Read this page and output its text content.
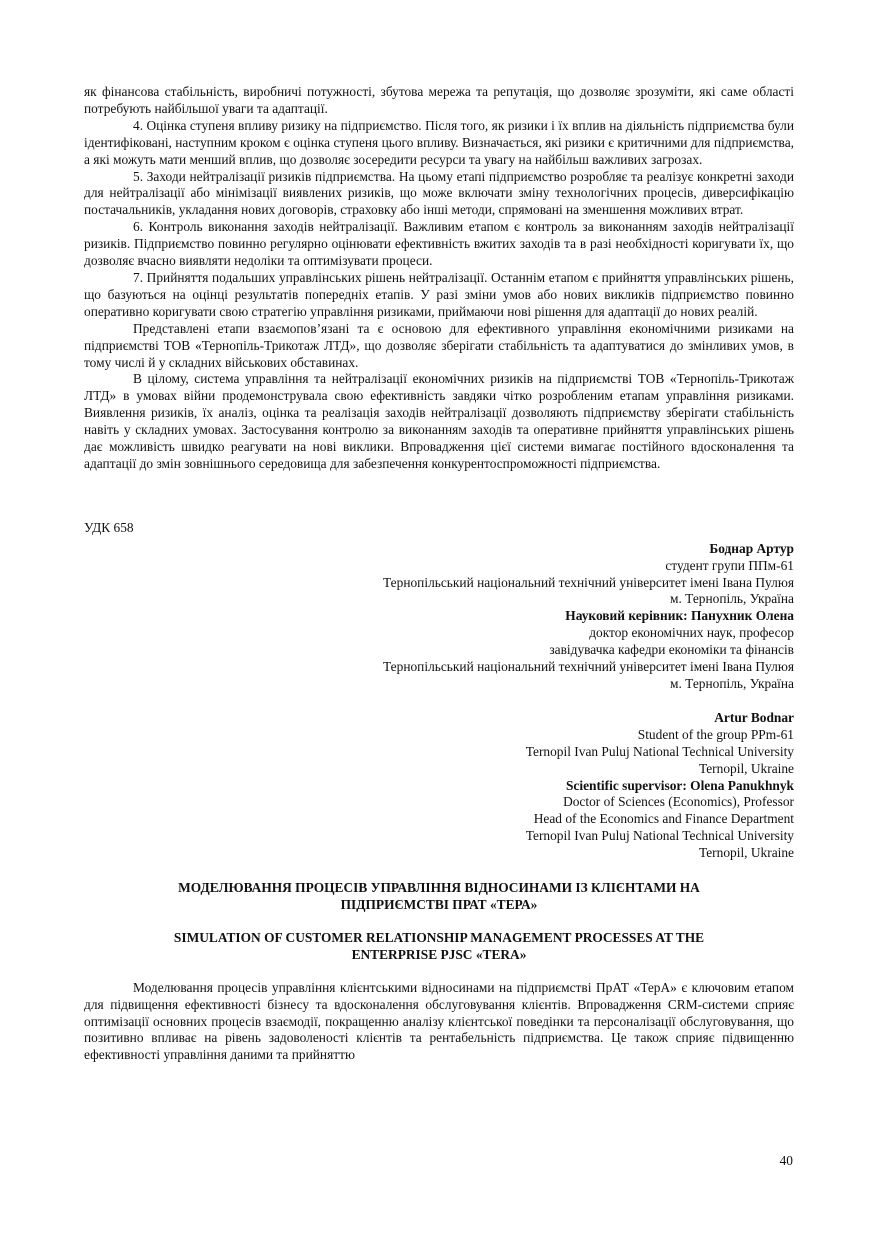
як фінансова стабільність, виробничі потужності, збутова мережа та репутація, що дозволяє зрозуміти, які саме області потребують найбільшої уваги та адаптації.

4. Оцінка ступеня впливу ризику на підприємство. Після того, як ризики і їх вплив на діяльність підприємства були ідентифіковані, наступним кроком є оцінка ступеня цього впливу. Визначається, які ризики є критичними для підприємства, а які можуть мати менший вплив, що дозволяє зосередити ресурси та увагу на найбільш важливих загрозах.

5. Заходи нейтралізації ризиків підприємства. На цьому етапі підприємство розробляє та реалізує конкретні заходи для нейтралізації або мінімізації виявлених ризиків, що може включати зміну технологічних процесів, диверсифікацію постачальників, укладання нових договорів, страховку або інші методи, спрямовані на зменшення можливих втрат.

6. Контроль виконання заходів нейтралізації. Важливим етапом є контроль за виконанням заходів нейтралізації ризиків. Підприємство повинно регулярно оцінювати ефективність вжитих заходів та в разі необхідності коригувати їх, що дозволяє вчасно виявляти недоліки та оптимізувати процеси.

7. Прийняття подальших управлінських рішень нейтралізації. Останнім етапом є прийняття управлінських рішень, що базуються на оцінці результатів попередніх етапів. У разі зміни умов або нових викликів підприємство повинно оперативно коригувати свою стратегію управління ризиками, приймаючи нові рішення для адаптації до нових реалій.

Представлені етапи взаємопов’язані та є основою для ефективного управління економічними ризиками на підприємстві ТОВ «Тернопіль-Трикотаж ЛТД», що дозволяє зберігати стабільність та адаптуватися до змінливих умов, в тому числі й у складних військових обставинах.

В цілому, система управління та нейтралізації економічних ризиків на підприємстві ТОВ «Тернопіль-Трикотаж ЛТД» в умовах війни продемонструвала свою ефективність завдяки чітко розробленим етапам управління ризиками. Виявлення ризиків, їх аналіз, оцінка та реалізація заходів нейтралізації дозволяють підприємству зберігати стабільність навіть у складних умовах. Застосування контролю за виконанням заходів та оперативне прийняття управлінських рішень дає можливість швидко реагувати на нові виклики. Впровадження цієї системи вимагає постійного вдосконалення та адаптації до змін зовнішнього середовища для забезпечення конкурентоспроможності підприємства.

УДК 658
Боднар Артур
студент групи ППм-61
Тернопільський національний технічний університет імені Івана Пулюя
м. Тернопіль, Україна
Науковий керівник: Панухник Олена
доктор економічних наук, професор
завідувачка кафедри економіки та фінансів
Тернопільський національний технічний університет імені Івана Пулюя
м. Тернопіль, Україна
Artur Bodnar
Student of the group PPm-61
Ternopil Ivan Puluj National Technical University
Ternopil, Ukraine
Scientific supervisor: Olena Panukhnyk
Doctor of Sciences (Economics), Professor
Head of the Economics and Finance Department
Ternopil Ivan Puluj National Technical University
Ternopil, Ukraine
МОДЕЛЮВАННЯ ПРОЦЕСІВ УПРАВЛІННЯ ВІДНОСИНАМИ ІЗ КЛІЄНТАМИ НА
ПІДПРИЄМСТВІ ПРАТ «ТЕРА»
SIMULATION OF CUSTOMER RELATIONSHIP MANAGEMENT PROCESSES AT THE
ENTERPRISE PJSC «TERA»

Моделювання процесів управління клієнтськими відносинами на підприємстві ПрАТ «ТерА» є ключовим етапом для підвищення ефективності бізнесу та вдосконалення обслуговування клієнтів. Впровадження CRM-системи сприяє оптимізації основних процесів взаємодії, покращенню аналізу клієнтської поведінки та персоналізації обслуговування, що позитивно впливає на рівень задоволеності клієнтів та рентабельність підприємства. Це також сприяє підвищенню ефективності управління даними та прийняттю

40
